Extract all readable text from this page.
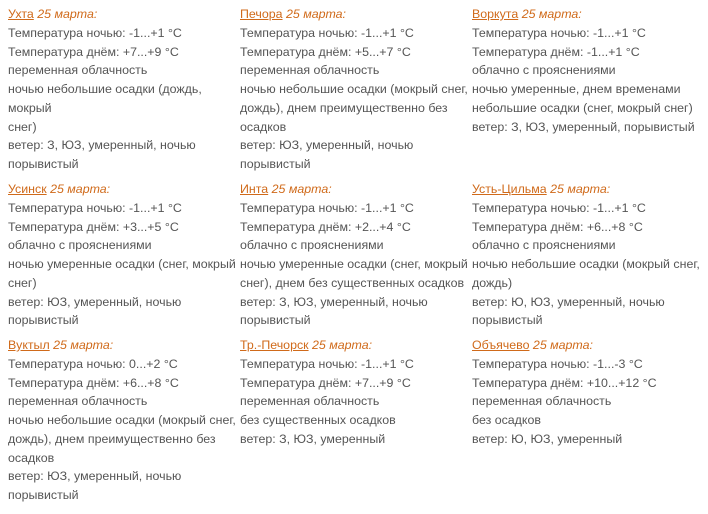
Ухта 25 марта:
Температура ночью: -1...+1 °C
Температура днём: +7...+9 °C
переменная облачность
ночью небольшие осадки (дождь, мокрый
снег)
ветер: З, ЮЗ, умеренный, ночью
порывистый
Печора 25 марта:
Температура ночью: -1...+1 °C
Температура днём: +5...+7 °C
переменная облачность
ночью небольшие осадки (мокрый снег,
дождь), днем преимущественно без
осадков
ветер: ЮЗ, умеренный, ночью
порывистый
Воркута 25 марта:
Температура ночью: -1...+1 °C
Температура днём: -1...+1 °C
облачно с прояснениями
ночью умеренные, днем временами
небольшие осадки (снег, мокрый снег)
ветер: З, ЮЗ, умеренный, порывистый
Усинск 25 марта:
Температура ночью: -1...+1 °C
Температура днём: +3...+5 °C
облачно с прояснениями
ночью умеренные осадки (снег, мокрый
снег)
ветер: ЮЗ, умеренный, ночью
порывистый
Инта 25 марта:
Температура ночью: -1...+1 °C
Температура днём: +2...+4 °C
облачно с прояснениями
ночью умеренные осадки (снег, мокрый
снег), днем без существенных осадков
ветер: З, ЮЗ, умеренный, ночью
порывистый
Усть-Цильма 25 марта:
Температура ночью: -1...+1 °C
Температура днём: +6...+8 °C
облачно с прояснениями
ночью небольшие осадки (мокрый снег,
дождь)
ветер: Ю, ЮЗ, умеренный, ночью
порывистый
Вуктыл 25 марта:
Температура ночью: 0...+2 °C
Температура днём: +6...+8 °C
переменная облачность
ночью небольшие осадки (мокрый снег,
дождь), днем преимущественно без
осадков
ветер: ЮЗ, умеренный, ночью
порывистый
Тр.-Печорск 25 марта:
Температура ночью: -1...+1 °C
Температура днём: +7...+9 °C
переменная облачность
без существенных осадков
ветер: З, ЮЗ, умеренный
Объячево 25 марта:
Температура ночью: -1...-3 °C
Температура днём: +10...+12 °C
переменная облачность
без осадков
ветер: Ю, ЮЗ, умеренный
